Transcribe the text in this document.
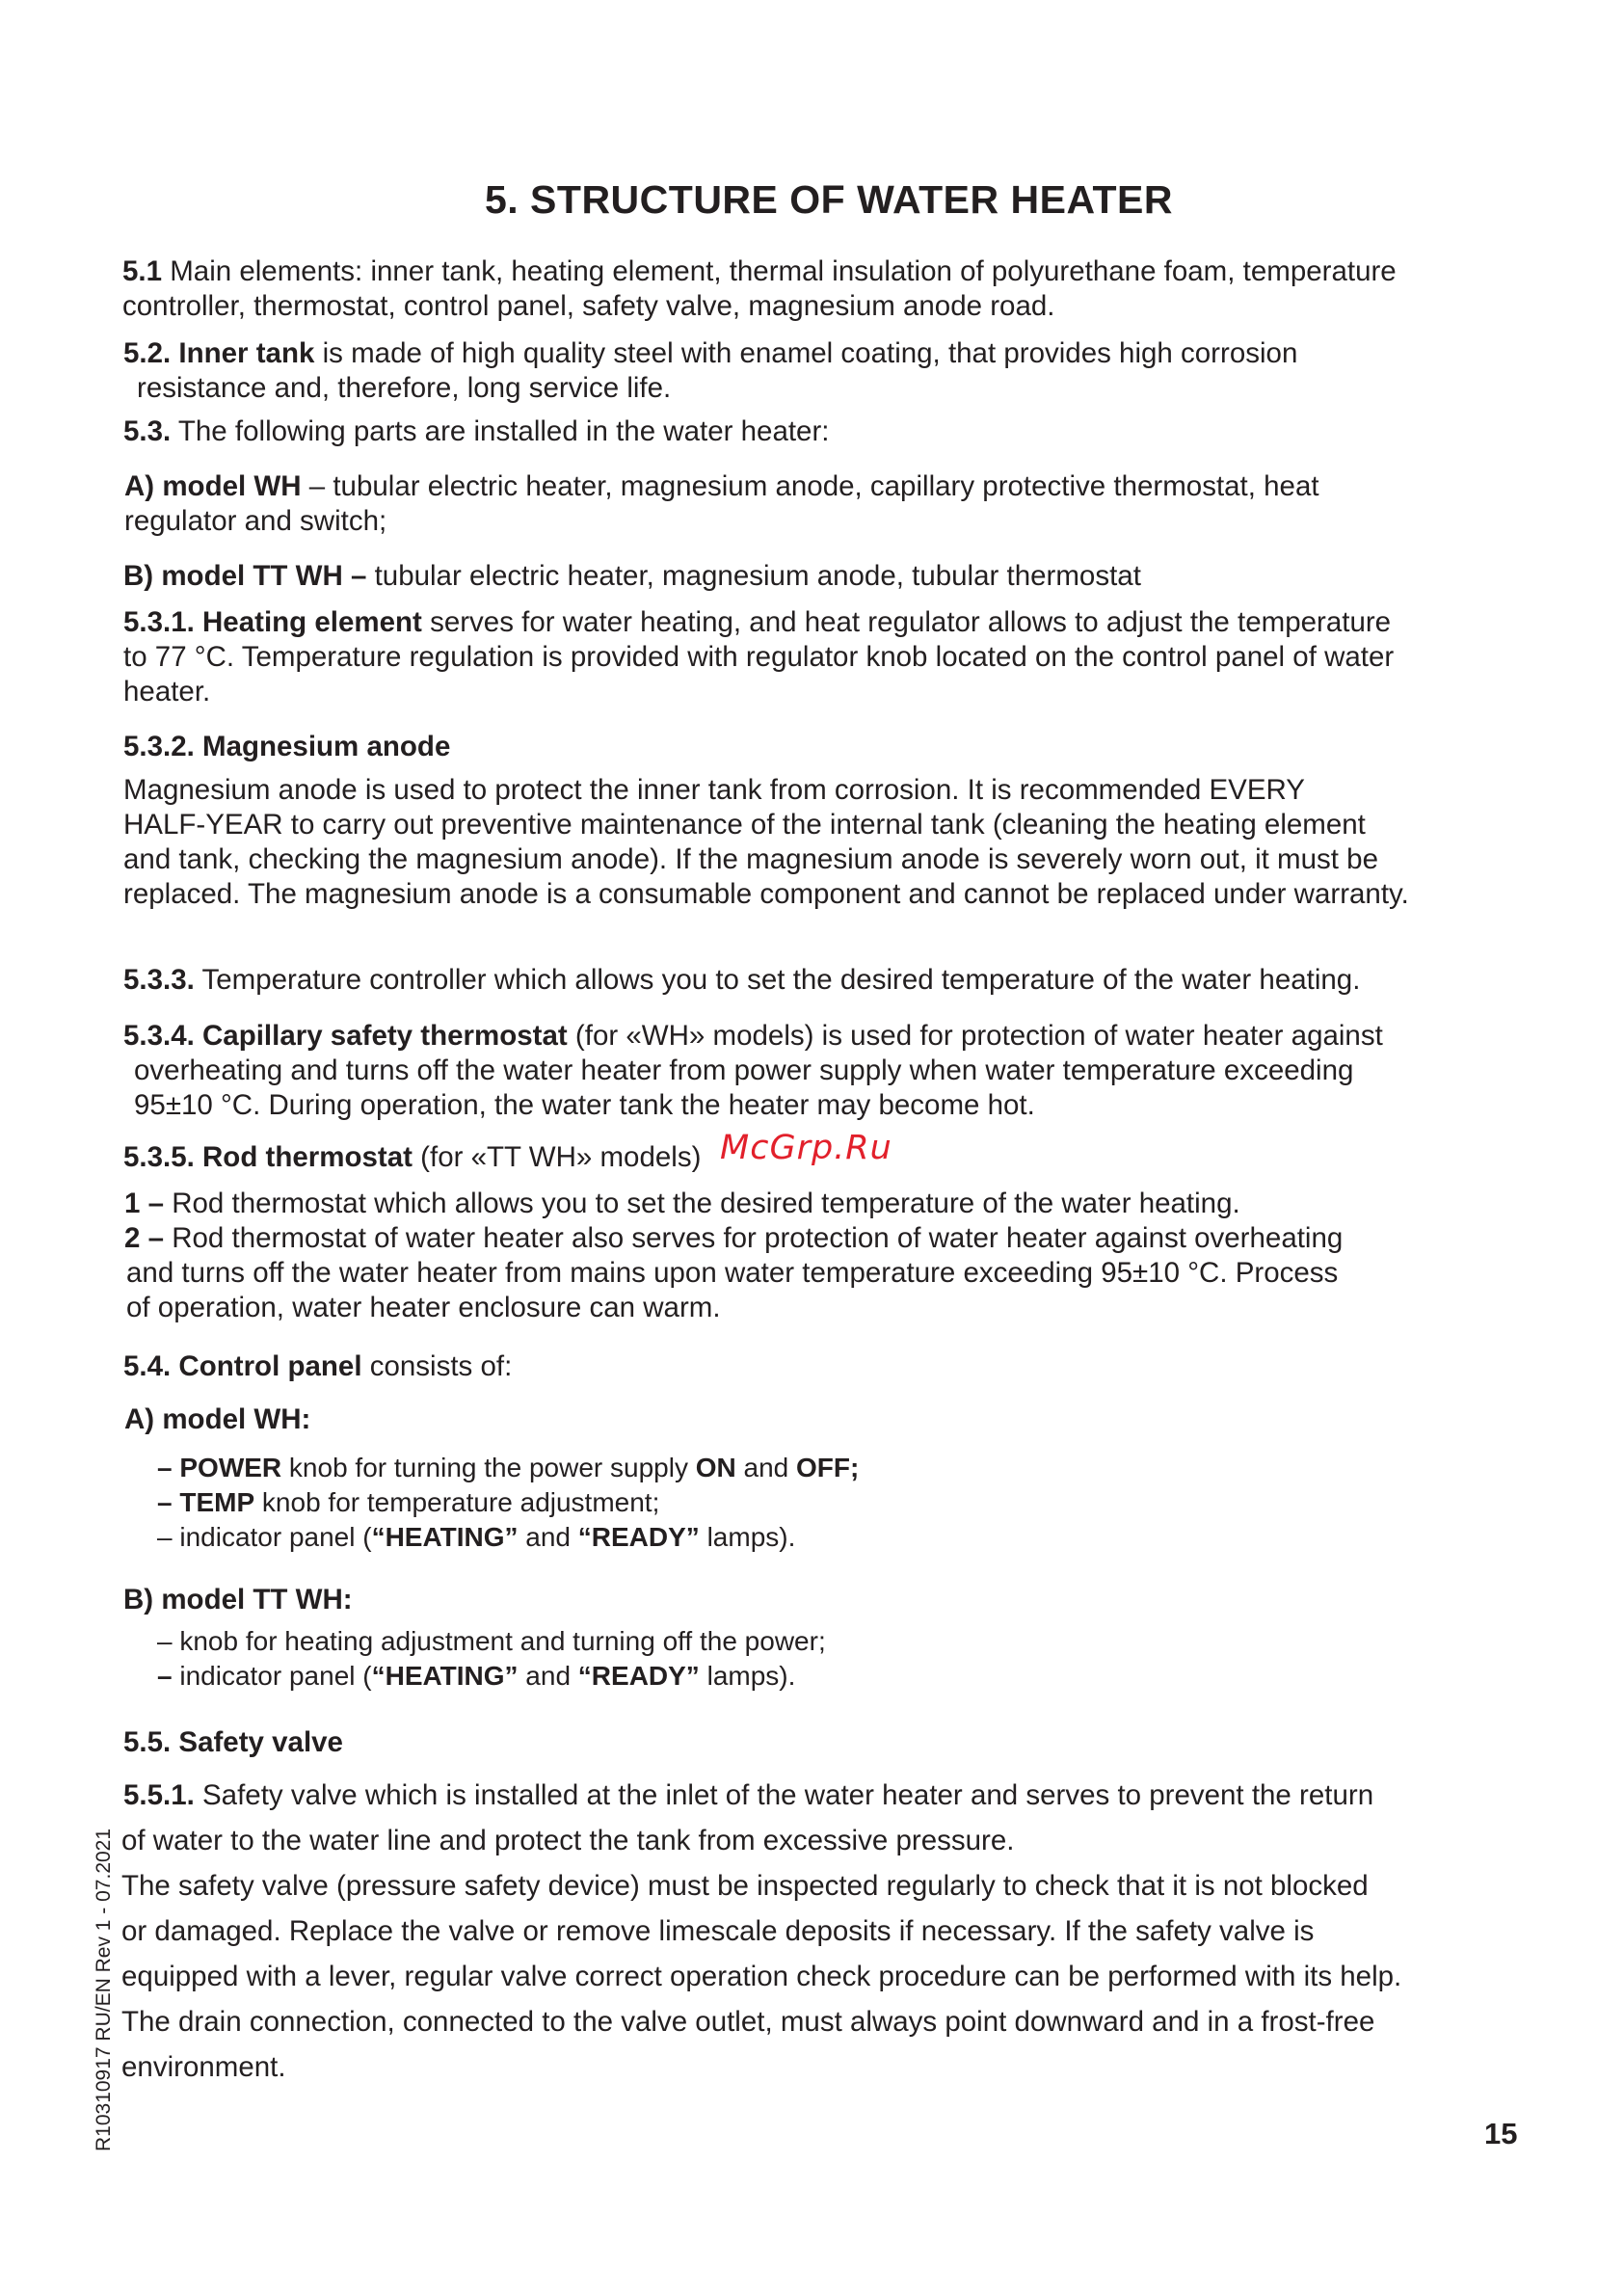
5. STRUCTURE OF WATER HEATER

5.1 Main elements: inner tank, heating element, thermal insulation of polyurethane foam, temperature

controller, thermostat, control panel, safety valve, magnesium anode road.

5.2. Inner tank is made of high quality steel with enamel coating, that provides high corrosion

resistance and, therefore, long service life.

5.3. The following parts are installed in the water heater:

A) model WH – tubular electric heater, magnesium anode, capillary protective thermostat, heat

regulator and switch;

B) model TT WH – tubular electric heater, magnesium anode, tubular thermostat

5.3.1. Heating element serves for water heating, and heat regulator allows to adjust the temperature

to 77 °C. Temperature regulation is provided with regulator knob located on the control panel of water

heater.

5.3.2. Magnesium anode

Magnesium anode is used to protect the inner tank from corrosion. It is recommended EVERY

HALF-YEAR to carry out preventive maintenance of the internal tank (cleaning the heating element

and tank, checking the magnesium anode). If the magnesium anode is severely worn out, it must be

replaced. The magnesium anode is a consumable component and cannot be replaced under warranty.

5.3.3. Temperature controller which allows you to set the desired temperature of the water heating.

5.3.4. Capillary safety thermostat (for «WH» models) is used for protection of water heater against

overheating and turns off the water heater from power supply when water temperature exceeding

95±10 °C. During operation, the water tank the heater may become hot.

5.3.5. Rod thermostat (for «TT WH» models) McGrp.Ru

1 – Rod thermostat which allows you to set the desired temperature of the water heating.

2 – Rod thermostat of water heater also serves for protection of water heater against overheating

and turns off the water heater from mains upon water temperature exceeding 95±10 °C. Process

of operation, water heater enclosure can warm.

5.4. Control panel consists of:

A) model WH:

– POWER knob for turning the power supply ON and OFF;

– TEMP knob for temperature adjustment;

– indicator panel (“HEATING” and “READY” lamps).

B) model TT WH:

– knob for heating adjustment and turning off the power;

– indicator panel (“HEATING” and “READY” lamps).

5.5. Safety valve

5.5.1. Safety valve which is installed at the inlet of the water heater and serves to prevent the return

of water to the water line and protect the tank from excessive pressure.

The safety valve (pressure safety device) must be inspected regularly to check that it is not blocked

or damaged. Replace the valve or remove limescale deposits if necessary. If the safety valve is

equipped with a lever, regular valve correct operation check procedure can be performed with its help.

The drain connection, connected to the valve outlet, must always point downward and in a frost-free

environment.

R10310917 RU/EN Rev 1 - 07.2021	15
